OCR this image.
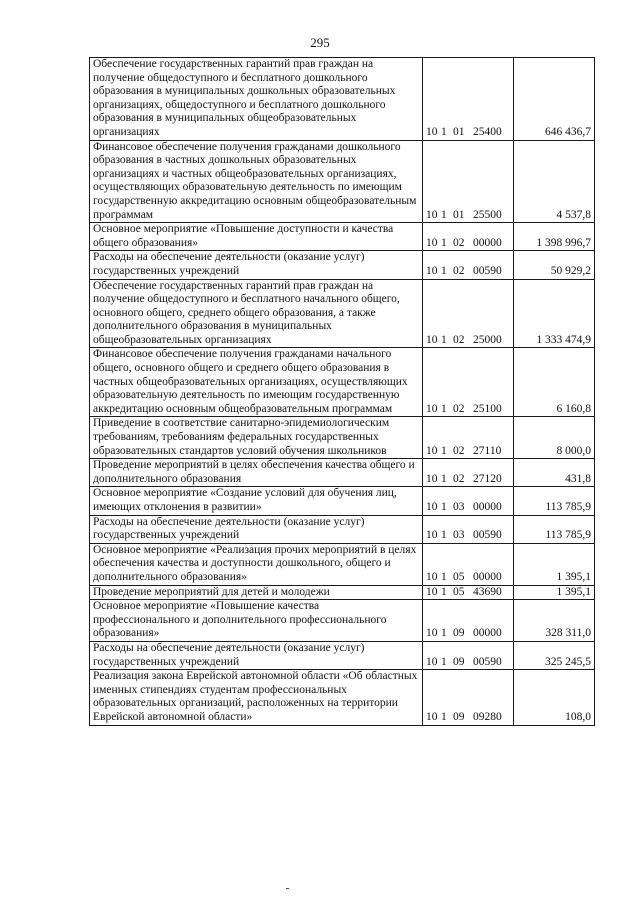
295
Обеспечение государственных гарантий прав граждан на получение общедоступного и бесплатного дошкольного образования в муниципальных дошкольных образовательных организациях, общедоступного и бесплатного дошкольного образования в муниципальных общеобразовательных организациях	10 1 01 25400	646 436,7
Финансовое обеспечение получения гражданами дошкольного образования в частных дошкольных образовательных организациях и частных общеобразовательных организациях, осуществляющих образовательную деятельность по имеющим государственную аккредитацию основным общеобразовательным программам	10 1 01 25500	4 537,8
Основное мероприятие «Повышение доступности и качества общего образования»	10 1 02 00000	1 398 996,7
Расходы на обеспечение деятельности (оказание услуг) государственных учреждений	10 1 02 00590	50 929,2
Обеспечение государственных гарантий прав граждан на получение общедоступного и бесплатного начального общего, основного общего, среднего общего образования, а также дополнительного образования в муниципальных общеобразовательных организациях	10 1 02 25000	1 333 474,9
Финансовое обеспечение получения гражданами начального общего, основного общего и среднего общего образования в частных общеобразовательных организациях, осуществляющих образовательную деятельность по имеющим государственную аккредитацию основным общеобразовательным программам	10 1 02 25100	6 160,8
Приведение в соответствие санитарно-эпидемиологическим требованиям, требованиям федеральных государственных образовательных стандартов условий обучения школьников	10 1 02 27110	8 000,0
Проведение мероприятий в целях обеспечения качества общего и дополнительного образования	10 1 02 27120	431,8
Основное мероприятие «Создание условий для обучения лиц, имеющих отклонения в развитии»	10 1 03 00000	113 785,9
Расходы на обеспечение деятельности (оказание услуг) государственных учреждений	10 1 03 00590	113 785,9
Основное мероприятие «Реализация прочих мероприятий в целях обеспечения качества и доступности дошкольного, общего и дополнительного образования»	10 1 05 00000	1 395,1
Проведение мероприятий для детей и молодежи	10 1 05 43690	1 395,1
Основное мероприятие «Повышение качества профессионального и дополнительного профессионального образования»	10 1 09 00000	328 311,0
Расходы на обеспечение деятельности (оказание услуг) государственных учреждений	10 1 09 00590	325 245,5
Реализация закона Еврейской автономной области «Об областных именных стипендиях студентам профессиональных образовательных организаций, расположенных на территории Еврейской автономной области»	10 1 09 09280	108,0
